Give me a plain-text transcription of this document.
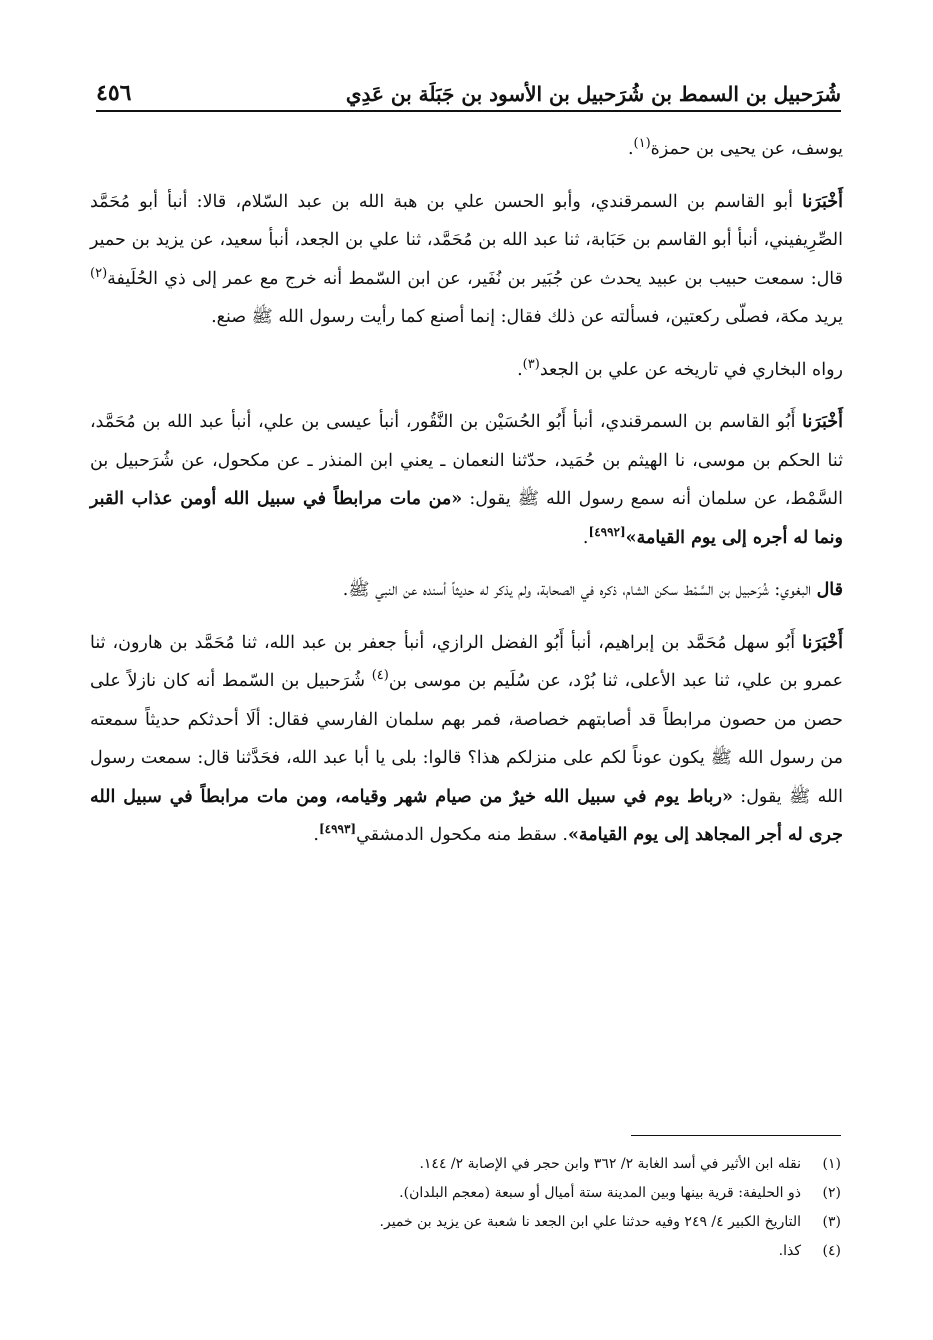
شُرَحبيل بن السمط بن شُرَحبيل بن الأسود بن جَبَلَة بن عَدِي
٤٥٦

يوسف، عن يحيى بن حمزة$^{(١)}$.

أَخْبَرَنا أبو القاسم بن السمرقندي، وأبو الحسن علي بن هبة الله بن عبد السّلام، قالا: أنبأ أبو مُحَمَّد الصِّرِيفيني، أنبأ أبو القاسم بن حَبَابة، ثنا عبد الله بن مُحَمَّد، ثنا علي بن الجعد، أنبأ سعيد، عن يزيد بن حمير قال: سمعت حبيب بن عبيد يحدث عن جُبَير بن نُفَير، عن ابن السّمط أنه خرج مع عمر إلى ذي الحُلَيفة$^{(٢)}$ يريد مكة، فصلّى ركعتين، فسألته عن ذلك فقال: إنما أصنع كما رأيت رسول الله ﷺ صنع.

رواه البخاري في تاريخه عن علي بن الجعد$^{(٣)}$.

أَخْبَرَنا أَبُو القاسم بن السمرقندي، أنبأ أَبُو الحُسَيْن بن النَّقُور، أنبأ عيسى بن علي، أنبأ عبد الله بن مُحَمَّد، ثنا الحكم بن موسى، نا الهيثم بن حُمَيد، حدّثنا النعمان ـ يعني ابن المنذر ـ عن مكحول، عن شُرَحبيل بن السَّمْط، عن سلمان أنه سمع رسول الله ﷺ يقول: «من مات مرابطاً في سبيل الله أومن عذاب القبر ونما له أجره إلى يوم القيامة»[٤٩٩٢].

قال البغوي: شُرَحبيل بن السَّمْط سكن الشام، ذكره في الصحابة، ولم يذكر له حديثاً أسنده عن النبي ﷺ.

أَخْبَرَنا أَبُو سهل مُحَمَّد بن إبراهيم، أنبأ أَبُو الفضل الرازي، أنبأ جعفر بن عبد الله، ثنا مُحَمَّد بن هارون، ثنا عمرو بن علي، ثنا عبد الأعلى، ثنا بُرْد، عن سُلَيم بن موسى بن$^{(٤)}$ شُرَحبيل بن السّمط أنه كان نازلاً على حصن من حصون مرابطاً قد أصابتهم خصاصة، فمر بهم سلمان الفارسي فقال: ألَا أحدثكم حديثاً سمعته من رسول الله ﷺ يكون عوناً لكم على منزلكم هذا؟ قالوا: بلى يا أبا عبد الله، فحَدَّثنا قال: سمعت رسول الله ﷺ يقول: «رباط يوم في سبيل الله خيرٌ من صيام شهر وقيامه، ومن مات مرابطاً في سبيل الله جرى له أجر المجاهد إلى يوم القيامة». سقط منه مكحول الدمشقي[٤٩٩٣].

(١)
نقله ابن الأثير في أسد الغابة ٢/ ٣٦٢ وابن حجر في الإصابة ٢/ ١٤٤.
(٢)
ذو الحليفة: قرية بينها وبين المدينة ستة أميال أو سبعة (معجم البلدان).
(٣)
التاريخ الكبير ٤/ ٢٤٩ وفيه حدثنا علي ابن الجعد نا شعبة عن يزيد بن خمير.
(٤)
كذا.
